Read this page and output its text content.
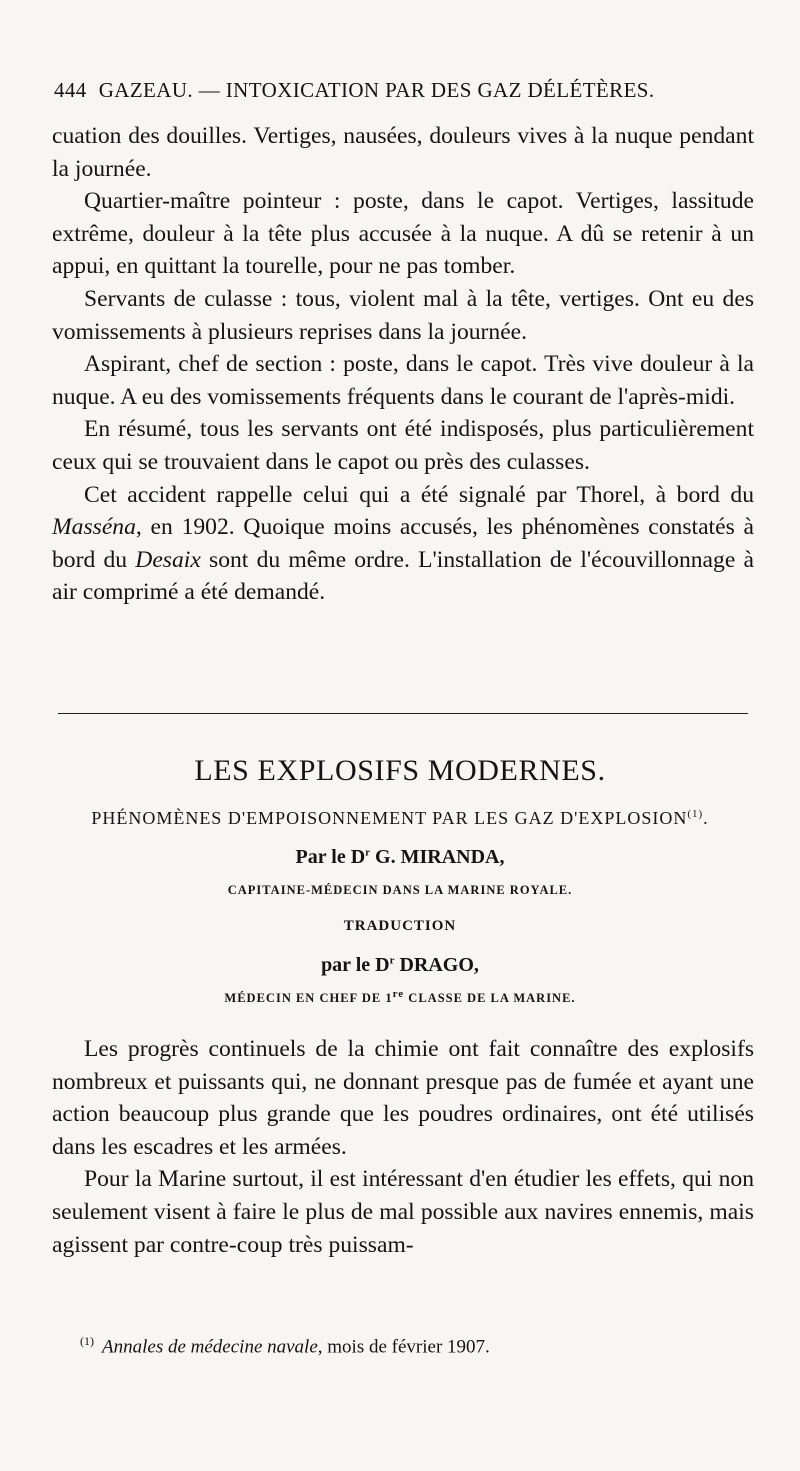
444 GAZEAU. — INTOXICATION PAR DES GAZ DÉLÉTÈRES.

cuation des douilles. Vertiges, nausées, douleurs vives à la nuque pendant la journée.

Quartier-maître pointeur : poste, dans le capot. Vertiges, lassitude extrême, douleur à la tête plus accusée à la nuque. A dû se retenir à un appui, en quittant la tourelle, pour ne pas tomber.

Servants de culasse : tous, violent mal à la tête, vertiges. Ont eu des vomissements à plusieurs reprises dans la journée.

Aspirant, chef de section : poste, dans le capot. Très vive douleur à la nuque. A eu des vomissements fréquents dans le courant de l'après-midi.

En résumé, tous les servants ont été indisposés, plus particulièrement ceux qui se trouvaient dans le capot ou près des culasses.

Cet accident rappelle celui qui a été signalé par Thorel, à bord du Masséna, en 1902. Quoique moins accusés, les phénomènes constatés à bord du Desaix sont du même ordre. L'installation de l'écouvillonnage à air comprimé a été demandé.

LES EXPLOSIFS MODERNES.
PHÉNOMÈNES D'EMPOISONNEMENT PAR LES GAZ D'EXPLOSION$^{(1)}$.
Par le $D^r$ G. MIRANDA,
CAPITAINE-MÉDECIN DANS LA MARINE ROYALE.
TRADUCTION
par le $D^r$ DRAGO,
MÉDECIN EN CHEF DE 1re CLASSE DE LA MARINE.

Les progrès continuels de la chimie ont fait connaître des explosifs nombreux et puissants qui, ne donnant presque pas de fumée et ayant une action beaucoup plus grande que les poudres ordinaires, ont été utilisés dans les escadres et les armées.

Pour la Marine surtout, il est intéressant d'en étudier les effets, qui non seulement visent à faire le plus de mal possible aux navires ennemis, mais agissent par contre-coup très puissam-

$^{(1)}$ Annales de médecine navale, mois de février 1907.
